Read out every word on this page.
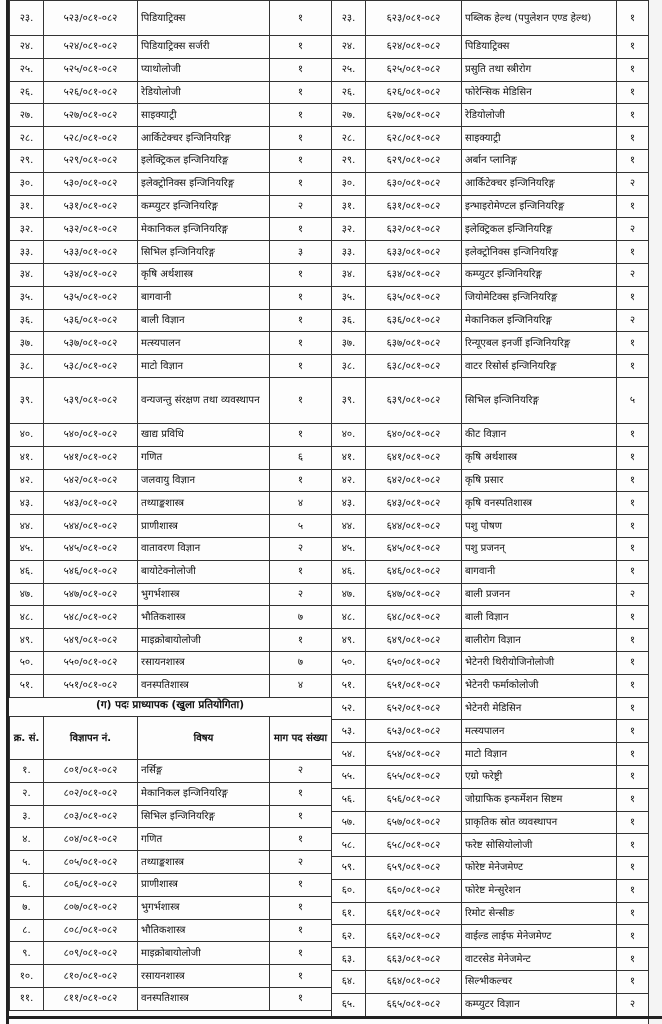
२३.	५२३/०८१-०८२	पिडियाट्रिक्स	१
२४.	५२४/०८१-०८२	पिडियाट्रिक्स सर्जरी	१
२५.	५२५/०८१-०८२	प्याथोलोजी	१
२६.	५२६/०८१-०८२	रेडियोलोजी	१
२७.	५२७/०८१-०८२	साइक्याट्री	१
२८.	५२८/०८१-०८२	आर्किटेक्चर इन्जिनियरिङ्ग	१
२९.	५२९/०८१-०८२	इलेक्ट्रिकल इन्जिनियरिङ्ग	१
३०.	५३०/०८१-०८२	इलेक्ट्रोनिक्स इन्जिनियरिङ्ग	१
३१.	५३१/०८१-०८२	कम्प्युटर इन्जिनियरिङ्ग	२
३२.	५३२/०८१-०८२	मेकानिकल इन्जिनियरिङ्ग	१
३३.	५३३/०८१-०८२	सिभिल इन्जिनियरिङ्ग	३
३४.	५३४/०८१-०८२	कृषि अर्थशास्त्र	१
३५.	५३५/०८१-०८२	बागवानी	१
३६.	५३६/०८१-०८२	बाली विज्ञान	१
३७.	५३७/०८१-०८२	मत्स्यपालन	१
३८.	५३८/०८१-०८२	माटो विज्ञान	१
३९.	५३९/०८१-०८२	वन्यजन्तु संरक्षण तथा व्यवस्थापन	१
४०.	५४०/०८१-०८२	खाद्य प्रविधि	१
४१.	५४१/०८१-०८२	गणित	६
४२.	५४२/०८१-०८२	जलवायु विज्ञान	१
४३.	५४३/०८१-०८२	तथ्याङ्कशास्त्र	४
४४.	५४४/०८१-०८२	प्राणीशास्त्र	५
४५.	५४५/०८१-०८२	वातावरण विज्ञान	२
४६.	५४६/०८१-०८२	बायोटेक्नोलोजी	१
४७.	५४७/०८१-०८२	भुगर्भशास्त्र	२
४८.	५४८/०८१-०८२	भौतिकशास्त्र	७
४९.	५४९/०८१-०८२	माइक्रोबायोलोजी	१
५०.	५५०/०८१-०८२	रसायनशास्त्र	७
५१.	५५१/०८१-०८२	वनस्पतिशास्त्र	४
२३.	६२३/०८१-०८२	पब्लिक हेल्थ (पपुलेशन एण्ड हेल्थ)	१
२४.	६२४/०८१-०८२	पिडियाट्रिक्स	१
२५.	६२५/०८१-०८२	प्रसुति तथा स्त्रीरोग	१
२६.	६२६/०८१-०८२	फोरेन्सिक मेडिसिन	१
२७.	६२७/०८१-०८२	रेडियोलोजी	१
२८.	६२८/०८१-०८२	साइक्याट्री	१
२९.	६२९/०८१-०८२	अर्बान प्लानिङ्ग	१
३०.	६३०/०८१-०८२	आर्किटेक्चर इन्जिनियरिङ्ग	२
३१.	६३१/०८१-०८२	इन्भाइरोमेण्टल इन्जिनियरिङ्ग	१
३२.	६३२/०८१-०८२	इलेक्ट्रिकल इन्जिनियरिङ्ग	२
३३.	६३३/०८१-०८२	इलेक्ट्रोनिक्स इन्जिनियरिङ्ग	१
३४.	६३४/०८१-०८२	कम्प्युटर इन्जिनियरिङ्ग	२
३५.	६३५/०८१-०८२	जियोमेटिक्स इन्जिनियरिङ्ग	१
३६.	६३६/०८१-०८२	मेकानिकल इन्जिनियरिङ्ग	२
३७.	६३७/०८१-०८२	रिन्यूएबल इनर्जी इन्जिनियरिङ्ग	१
३८.	६३८/०८१-०८२	वाटर रिसोर्स इन्जिनियरिङ्ग	१
३९.	६३९/०८१-०८२	सिभिल इन्जिनियरिङ्ग	५
४०.	६४०/०८१-०८२	कीट विज्ञान	१
४१.	६४१/०८१-०८२	कृषि अर्थशास्त्र	१
४२.	६४२/०८१-०८२	कृषि प्रसार	१
४३.	६४३/०८१-०८२	कृषि वनस्पतिशास्त्र	१
४४.	६४४/०८१-०८२	पशु पोषण	१
४५.	६४५/०८१-०८२	पशु प्रजनन्	१
४६.	६४६/०८१-०८२	बागवानी	१
४७.	६४७/०८१-०८२	बाली प्रजनन	२
४८.	६४८/०८१-०८२	बाली विज्ञान	१
४९.	६४९/०८१-०८२	बालीरोग विज्ञान	१
५०.	६५०/०८१-०८२	भेटेनरी थिरीयोजिनोलोजी	१
५१.	६५१/०८१-०८२	भेटेनरी फर्माकोलोजी	१
५२.	६५२/०८१-०८२	भेटेनरी मेडिसिन	१
५३.	६५३/०८१-०८२	मत्स्यपालन	१
५४.	६५४/०८१-०८२	माटो विज्ञान	१
५५.	६५५/०८१-०८२	एग्रो फरेष्ट्री	१
५६.	६५६/०८१-०८२	जोग्राफिक इन्फर्मेशन सिष्टम	१
५७.	६५७/०८१-०८२	प्राकृतिक स्रोत व्यवस्थापन	१
५८.	६५८/०८१-०८२	फरेष्ट सोसियोलोजी	१
५९.	६५९/०८१-०८२	फोरेष्ट मेनेजमेण्ट	१
६०.	६६०/०८१-०८२	फोरेष्ट मेन्सुरेशन	१
६१.	६६१/०८१-०८२	रिमोट सेन्सीङ	१
६२.	६६२/०८१-०८२	वाईल्ड लाईफ मेनेजमेण्ट	१
६३.	६६३/०८१-०८२	वाटरसेड मेनेजमेन्ट	१
६४.	६६४/०८१-०८२	सिल्भीकल्चर	१
६५.	६६५/०८१-०८२	कम्प्युटर विज्ञान	२
(ग) पदः प्राध्यापक (खुला प्रतियोगिता)
क्र. सं.	विज्ञापन नं.	विषय	माग पद संख्या
१.	८०१/०८१-०८२	नर्सिङ्ग	२
२.	८०२/०८१-०८२	मेकानिकल इन्जिनियरिङ्ग	१
३.	८०३/०८१-०८२	सिभिल इन्जिनियरिङ्ग	१
४.	८०४/०८१-०८२	गणित	१
५.	८०५/०८१-०८२	तथ्याङ्कशास्त्र	२
६.	८०६/०८१-०८२	प्राणीशास्त्र	१
७.	८०७/०८१-०८२	भुगर्भशास्त्र	१
८.	८०८/०८१-०८२	भौतिकशास्त्र	१
९.	८०९/०८१-०८२	माइक्रोबायोलोजी	१
१०.	८१०/०८१-०८२	रसायनशास्त्र	१
११.	८११/०८१-०८२	वनस्पतिशास्त्र	१
